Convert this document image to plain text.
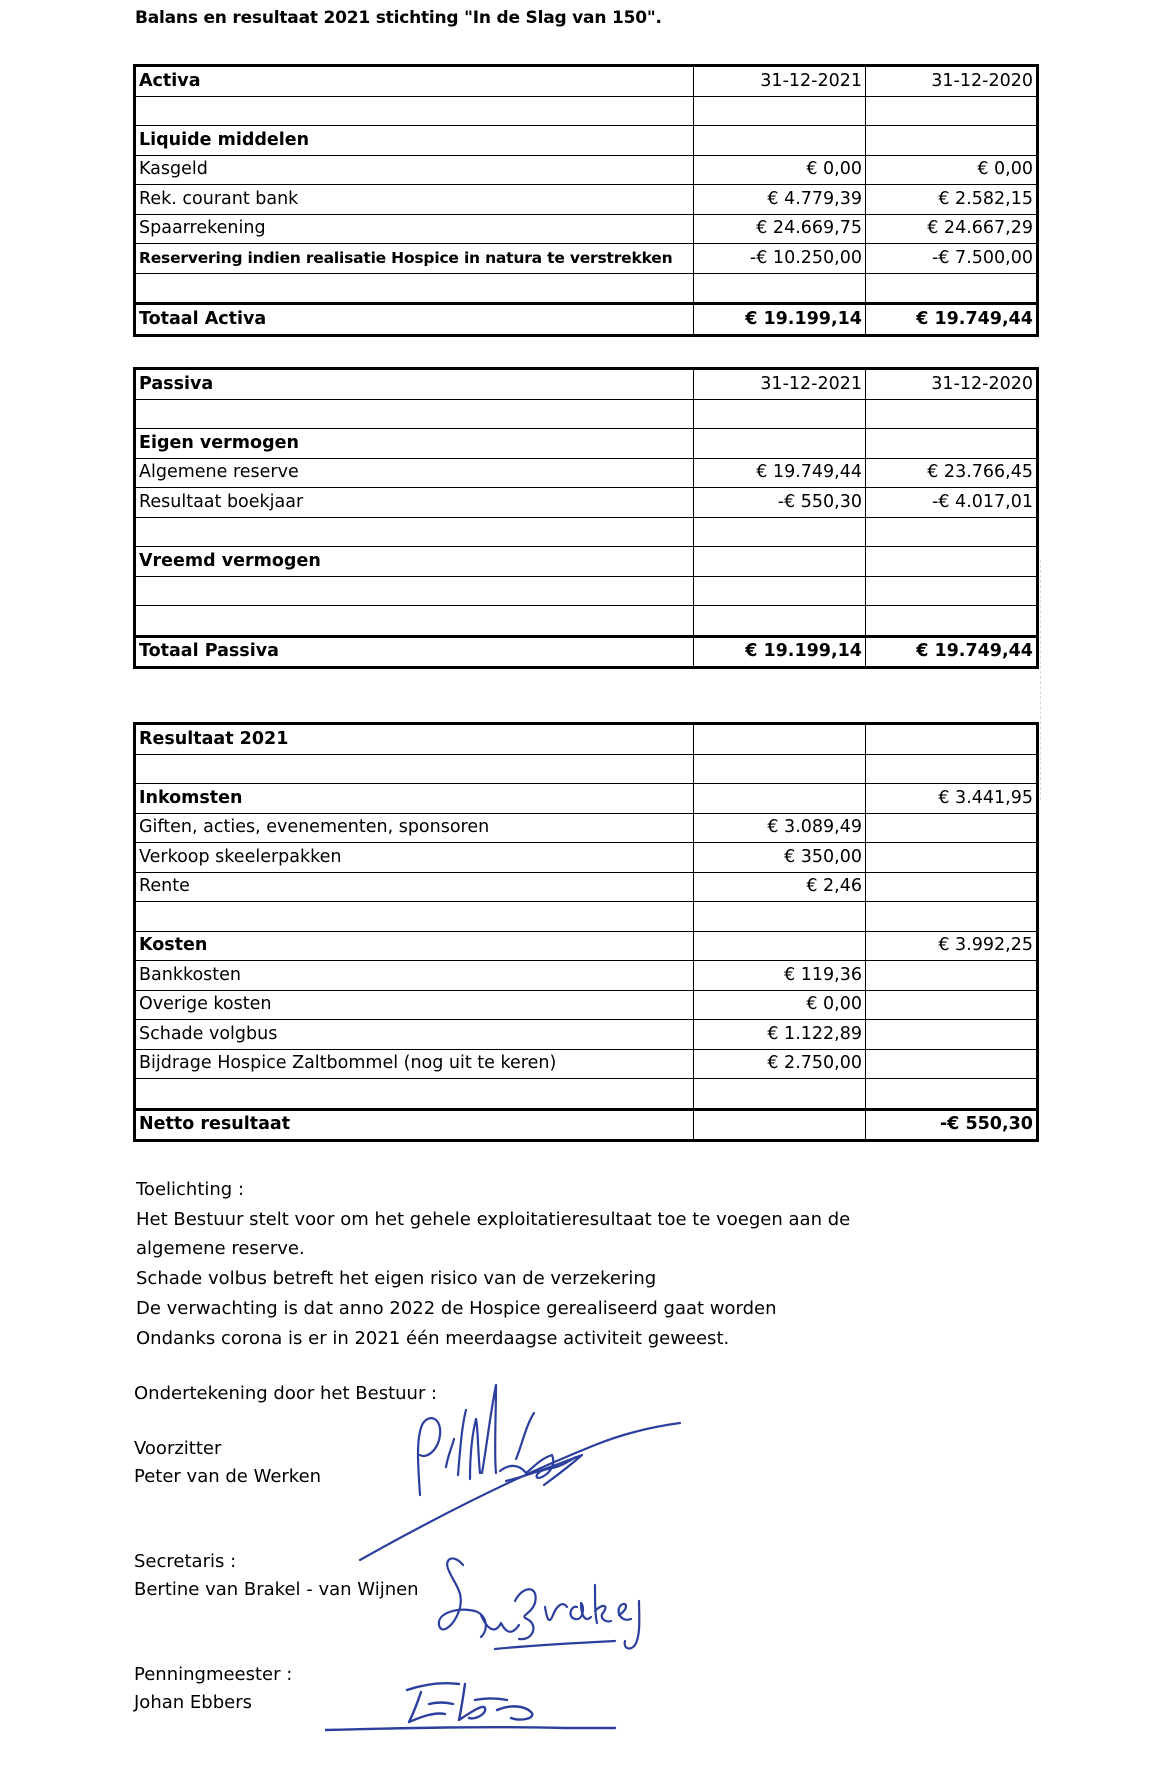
Balans en resultaat 2021 stichting "In de Slag van 150".
Activa	31-12-2021	31-12-2020

Liquide middelen		
Kasgeld	€ 0,00	€ 0,00
Rek. courant bank	€ 4.779,39	€ 2.582,15
Spaarrekening	€ 24.669,75	€ 24.667,29
Reservering indien realisatie Hospice in natura te verstrekken	-€ 10.250,00	-€ 7.500,00

Totaal Activa	€ 19.199,14	€ 19.749,44
Passiva	31-12-2021	31-12-2020

Eigen vermogen		
Algemene reserve	€ 19.749,44	€ 23.766,45
Resultaat boekjaar	-€ 550,30	-€ 4.017,01

Vreemd vermogen		

Totaal Passiva	€ 19.199,14	€ 19.749,44
Resultaat 2021		

Inkomsten		€ 3.441,95
Giften, acties, evenementen, sponsoren	€ 3.089,49	
Verkoop skeelerpakken	€ 350,00	
Rente	€ 2,46	

Kosten		€ 3.992,25
Bankkosten	€ 119,36	
Overige kosten	€ 0,00	
Schade volgbus	€ 1.122,89	
Bijdrage Hospice Zaltbommel (nog uit te keren)	€ 2.750,00	

Netto resultaat		-€ 550,30
Toelichting :
Het Bestuur stelt voor om het gehele exploitatieresultaat toe te voegen aan de
algemene reserve.
Schade volbus betreft het eigen risico van de verzekering
De verwachting is dat anno 2022 de Hospice gerealiseerd gaat worden
Ondanks corona is er in 2021 één meerdaagse activiteit geweest.
Ondertekening door het Bestuur :
Voorzitter
Peter van de Werken
Secretaris :
Bertine van Brakel - van Wijnen
Penningmeester :
Johan Ebbers
